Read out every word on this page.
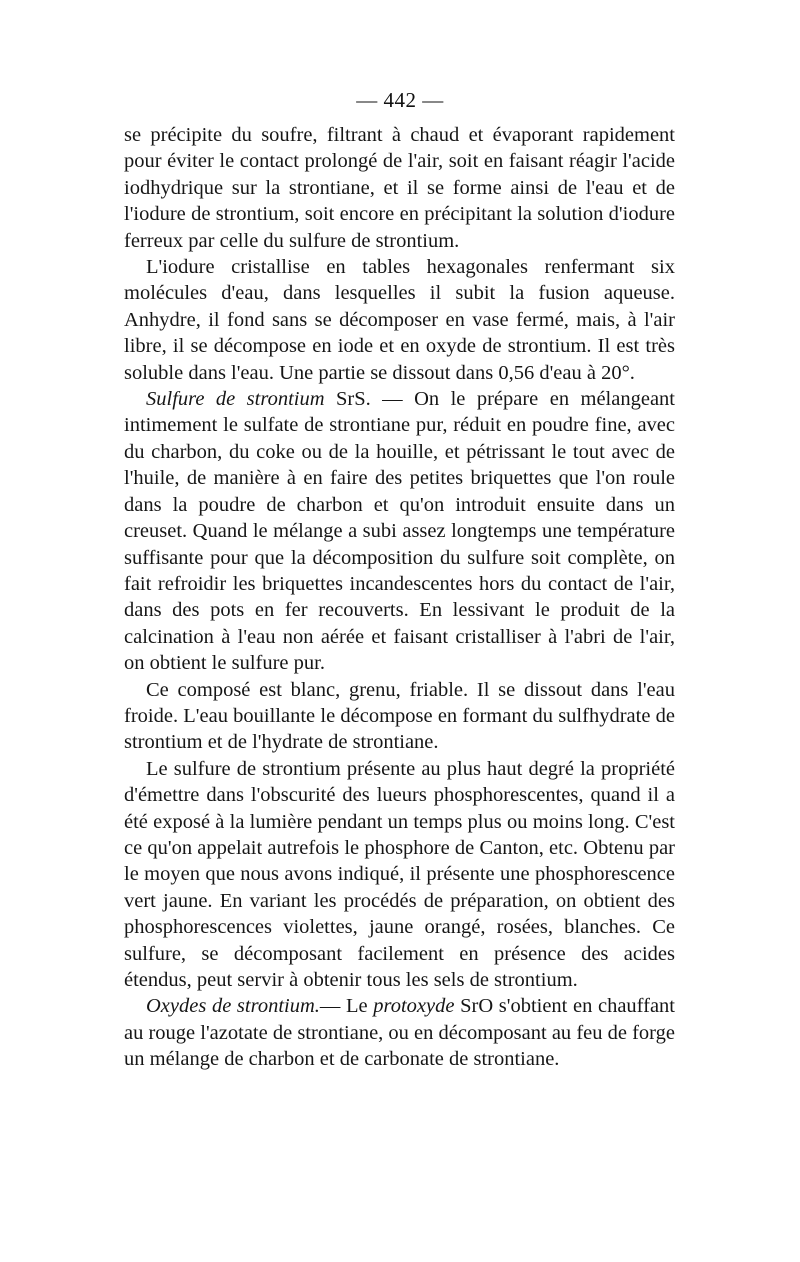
— 442 —

se précipite du soufre, filtrant à chaud et évaporant rapidement pour éviter le contact prolongé de l'air, soit en faisant réagir l'acide iodhydrique sur la strontiane, et il se forme ainsi de l'eau et de l'iodure de strontium, soit encore en précipitant la solution d'iodure ferreux par celle du sulfure de strontium.

L'iodure cristallise en tables hexagonales renfermant six molécules d'eau, dans lesquelles il subit la fusion aqueuse. Anhydre, il fond sans se décomposer en vase fermé, mais, à l'air libre, il se décompose en iode et en oxyde de strontium. Il est très soluble dans l'eau. Une partie se dissout dans 0,56 d'eau à 20°.

Sulfure de strontium SrS. — On le prépare en mélangeant intimement le sulfate de strontiane pur, réduit en poudre fine, avec du charbon, du coke ou de la houille, et pétrissant le tout avec de l'huile, de manière à en faire des petites briquettes que l'on roule dans la poudre de charbon et qu'on introduit ensuite dans un creuset. Quand le mélange a subi assez longtemps une température suffisante pour que la décomposition du sulfure soit complète, on fait refroidir les briquettes incandescentes hors du contact de l'air, dans des pots en fer recouverts. En lessivant le produit de la calcination à l'eau non aérée et faisant cristalliser à l'abri de l'air, on obtient le sulfure pur.

Ce composé est blanc, grenu, friable. Il se dissout dans l'eau froide. L'eau bouillante le décompose en formant du sulfhydrate de strontium et de l'hydrate de strontiane.

Le sulfure de strontium présente au plus haut degré la propriété d'émettre dans l'obscurité des lueurs phosphorescentes, quand il a été exposé à la lumière pendant un temps plus ou moins long. C'est ce qu'on appelait autrefois le phosphore de Canton, etc. Obtenu par le moyen que nous avons indiqué, il présente une phosphorescence vert jaune. En variant les procédés de préparation, on obtient des phosphorescences violettes, jaune orangé, rosées, blanches. Ce sulfure, se décomposant facilement en présence des acides étendus, peut servir à obtenir tous les sels de strontium.

Oxydes de strontium.— Le protoxyde SrO s'obtient en chauffant au rouge l'azotate de strontiane, ou en décomposant au feu de forge un mélange de charbon et de carbonate de strontiane.
